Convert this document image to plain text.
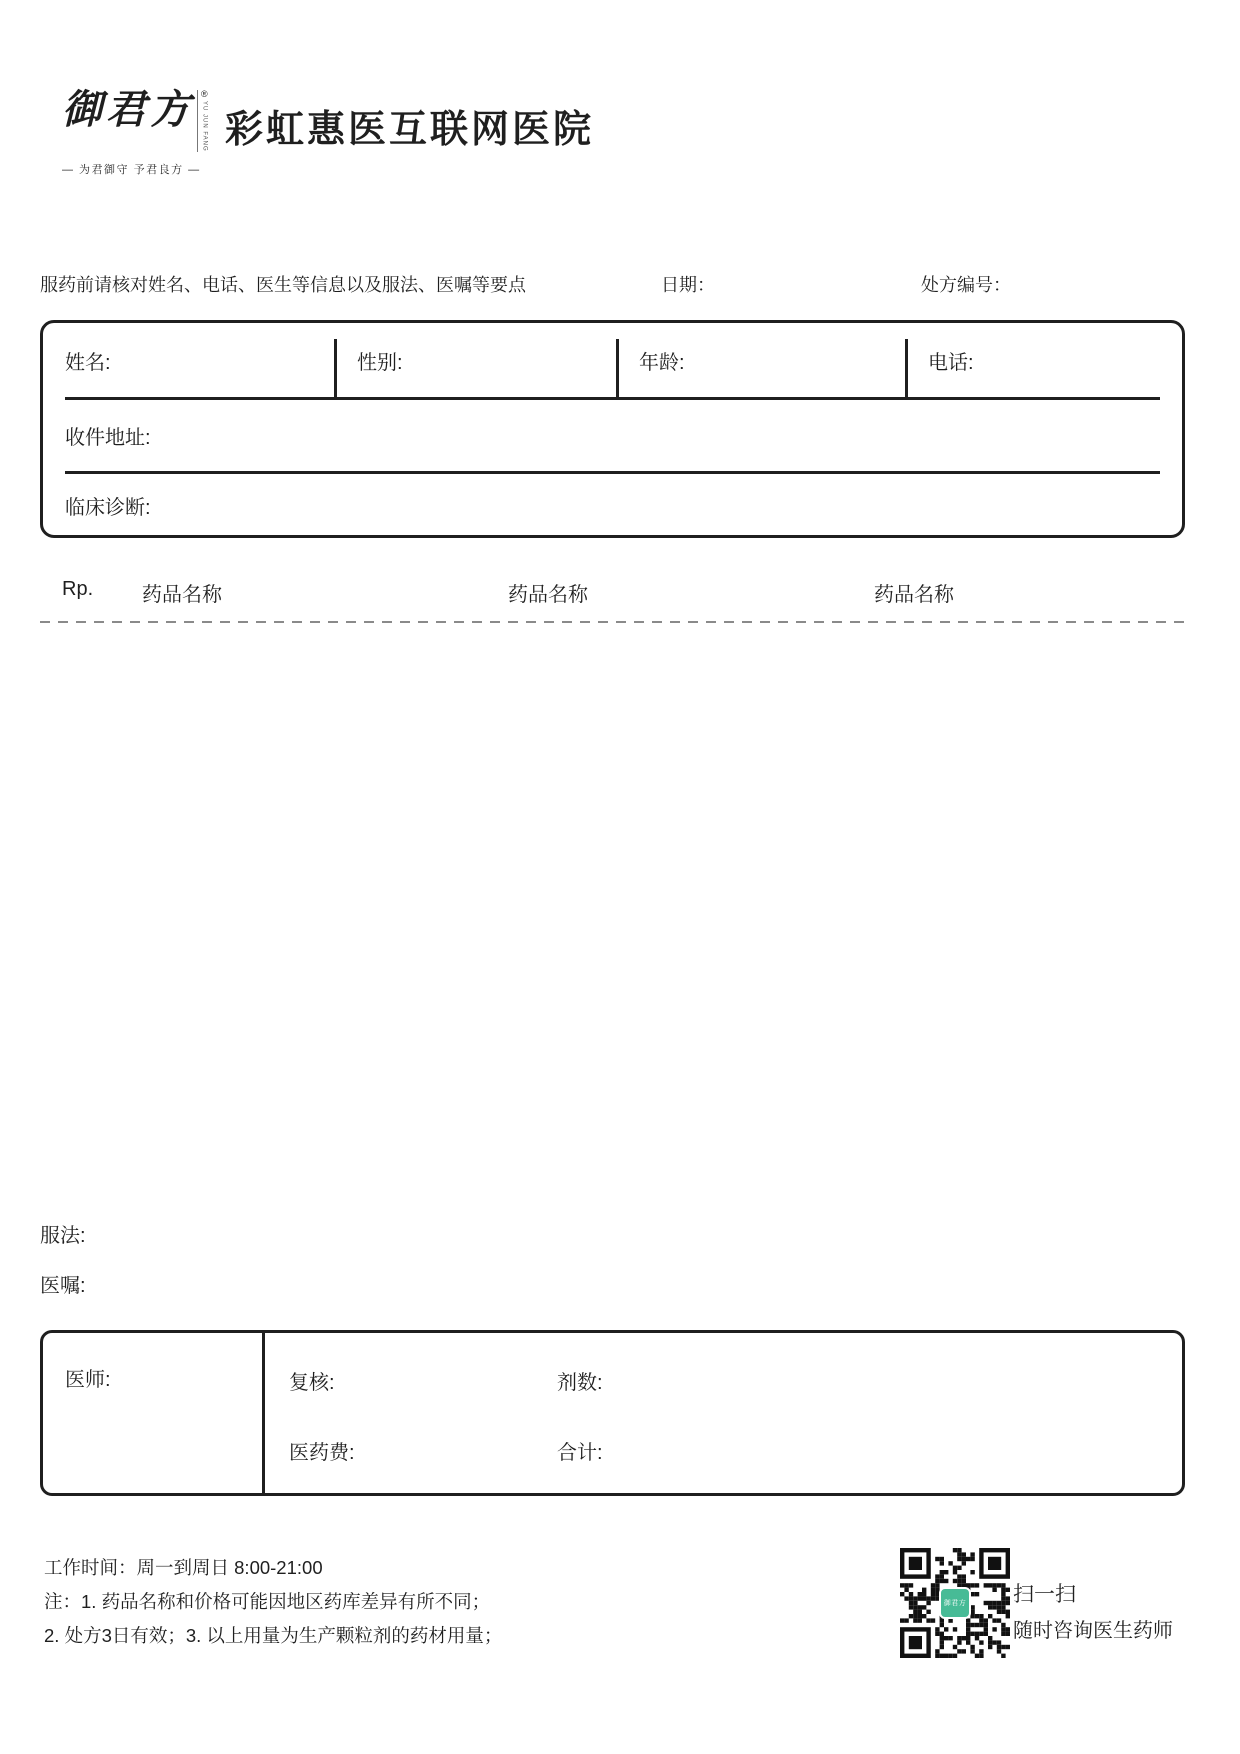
御君方 ®
YU JUN FANG
— 为君御守 予君良方 —
彩虹惠医互联网医院
服药前请核对姓名、电话、医生等信息以及服法、医嘱等要点	日期：	处方编号：
姓名:	性别:	年龄:	电话:
收件地址:
临床诊断:
Rp. 药品名称	药品名称	药品名称
服法:
医嘱:
医师:	复核:	剂数:
医药费:	合计:
工作时间：周一到周日 8:00-21:00
注：1. 药品名称和价格可能因地区药库差异有所不同；
2. 处方3日有效；3. 以上用量为生产颗粒剂的药材用量；
御君方 扫一扫
随时咨询医生药师
